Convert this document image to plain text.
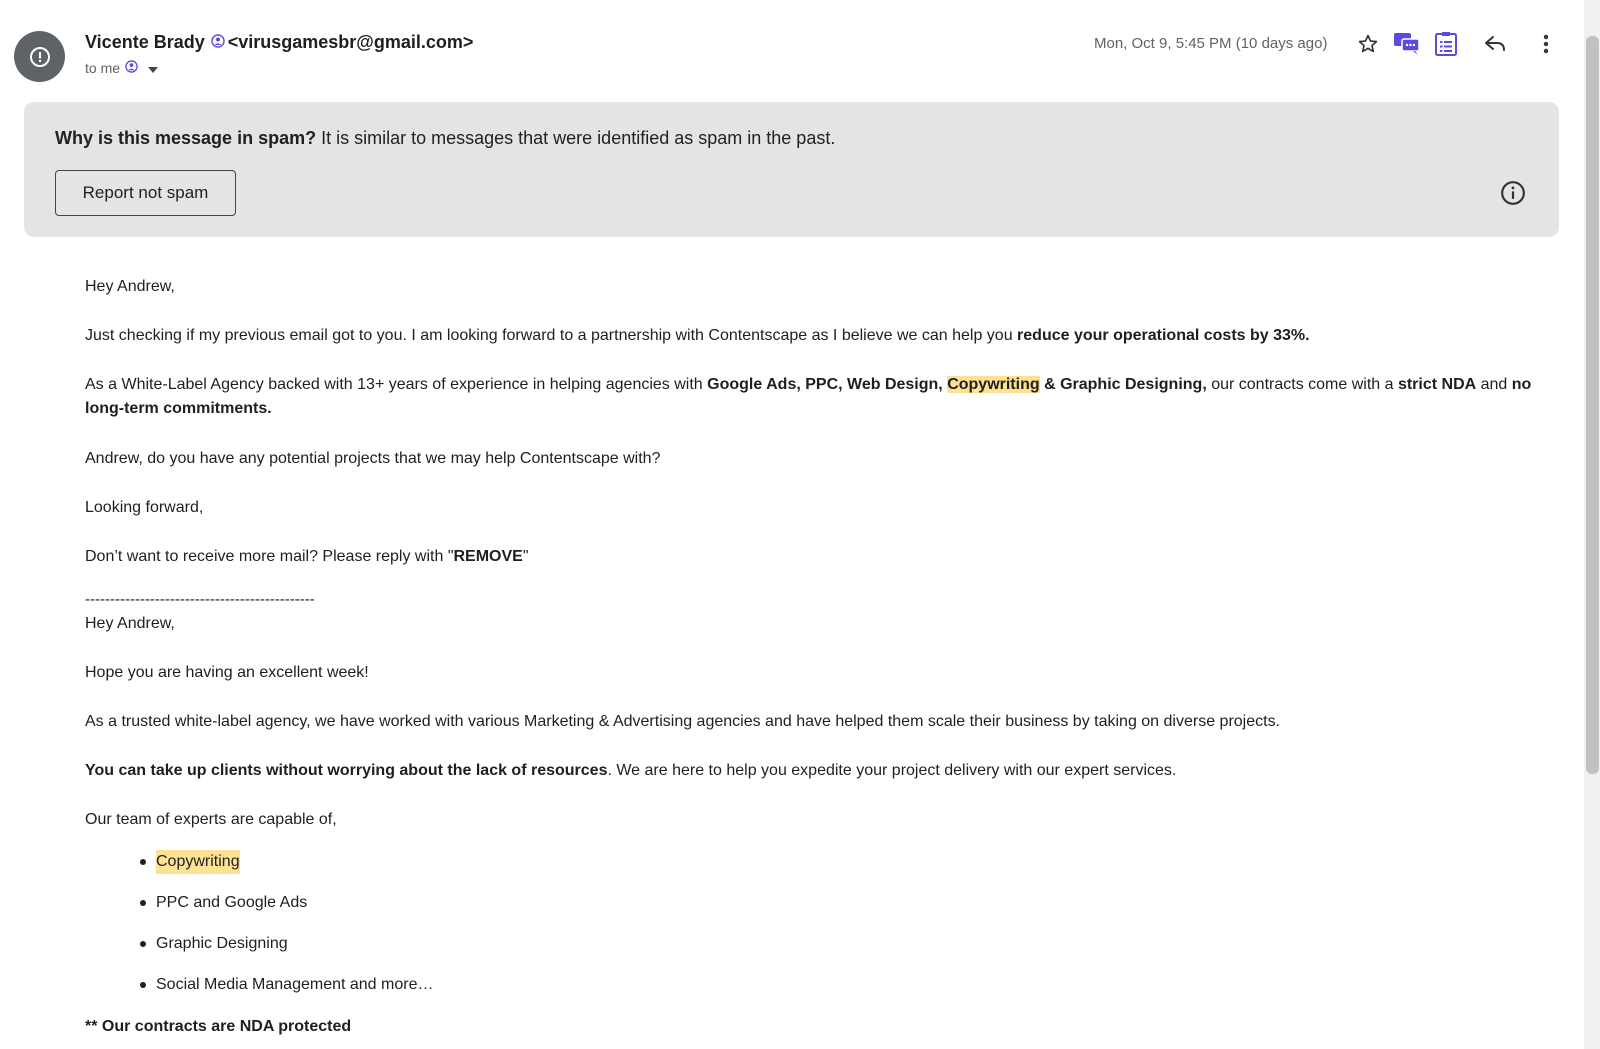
Vicente Brady <virusgamesbr@gmail.com>
to me
Mon, Oct 9, 5:45 PM (10 days ago)
Why is this message in spam? It is similar to messages that were identified as spam in the past.
Report not spam
Hey Andrew,
Just checking if my previous email got to you. I am looking forward to a partnership with Contentscape as I believe we can help you reduce your operational costs by 33%.
As a White-Label Agency backed with 13+ years of experience in helping agencies with Google Ads, PPC, Web Design, Copywriting & Graphic Designing, our contracts come with a strict NDA and no long-term commitments.
Andrew, do you have any potential projects that we may help Contentscape with?
Looking forward,
Don’t want to receive more mail? Please reply with "REMOVE"
----------------------------------------------
Hey Andrew,
Hope you are having an excellent week!
As a trusted white-label agency, we have worked with various Marketing & Advertising agencies and have helped them scale their business by taking on diverse projects.
You can take up clients without worrying about the lack of resources. We are here to help you expedite your project delivery with our expert services.
Our team of experts are capable of,
Copywriting
PPC and Google Ads
Graphic Designing
Social Media Management and more…
** Our contracts are NDA protected
